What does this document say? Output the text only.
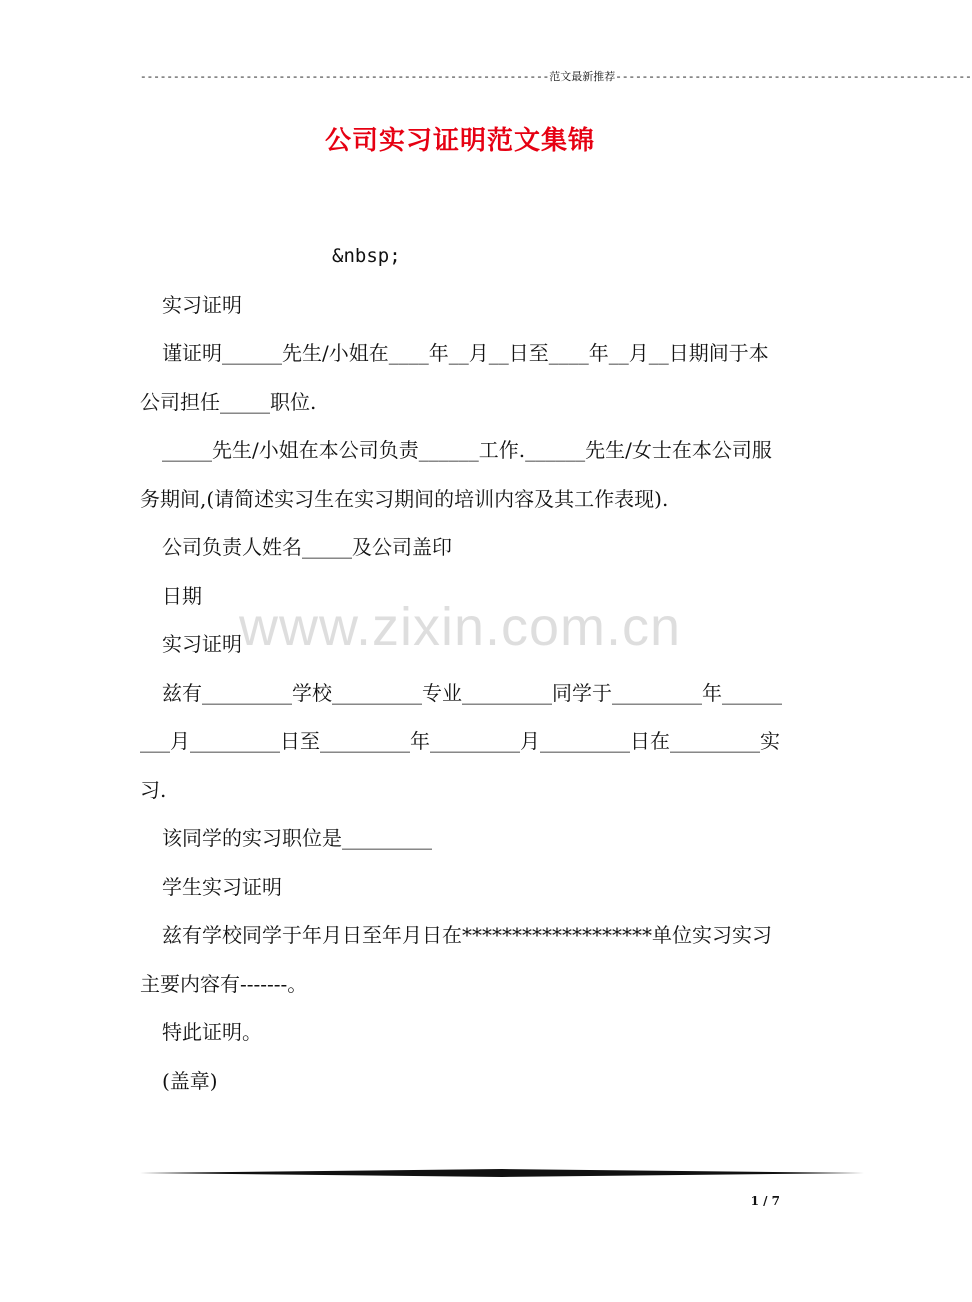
--------------------------------------------------------------范文最新推荐------------------------------------------------------
公司实习证明范文集锦

&nbsp;

实习证明

谨证明______先生/小姐在____年__月__日至____年__月__日期间于本公司担任_____职位.

_____先生/小姐在本公司负责______工作.______先生/女士在本公司服务期间,(请简述实习生在实习期间的培训内容及其工作表现).

公司负责人姓名_____及公司盖印

日期

实习证明

兹有_________学校_________专业_________同学于_________年_________月_________日至_________年_________月_________日在_________实习.

该同学的实习职位是_________

学生实习证明

兹有学校同学于年月日至年月日在*******************单位实习实习主要内容有-------。

特此证明。

(盖章)

www.zixin.com.cn
1 / 7
